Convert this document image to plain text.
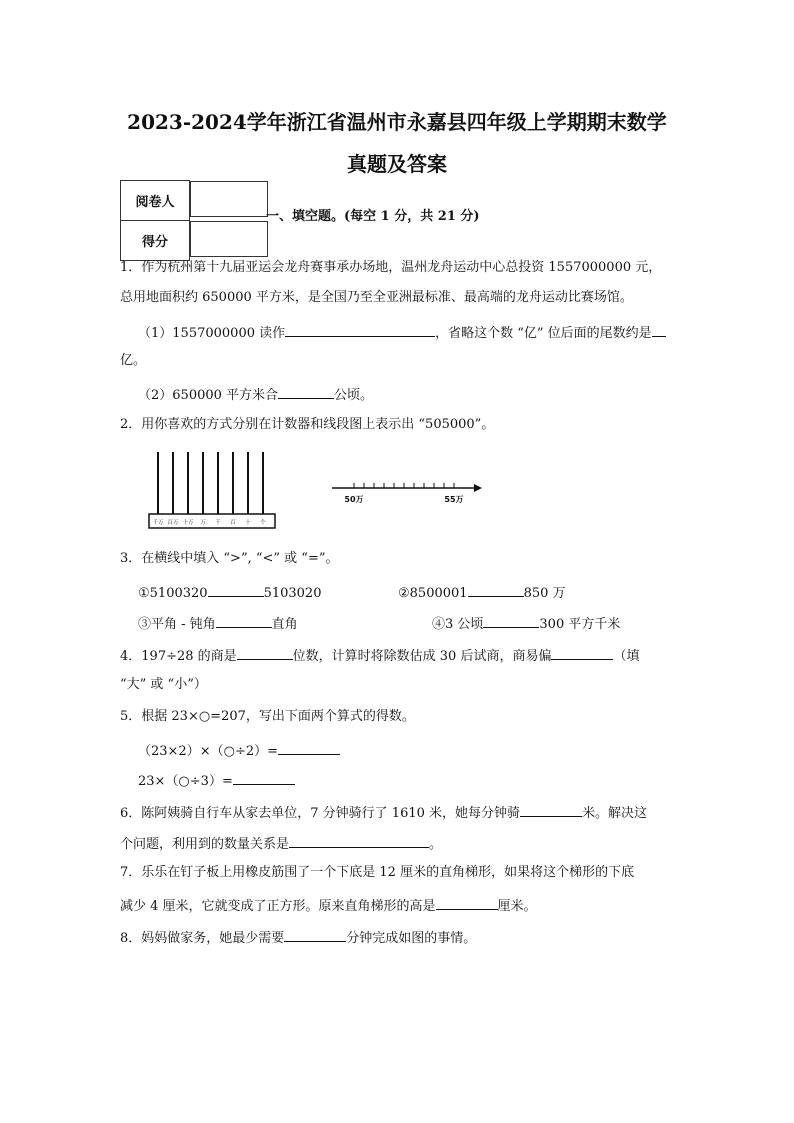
2023-2024学年浙江省温州市永嘉县四年级上学期期末数学
真题及答案
阅卷人	
得分	
一、填空题。(每空 1 分，共 21 分)
1．作为杭州第十九届亚运会龙舟赛事承办场地，温州龙舟运动中心总投资 1557000000 元，
总用地面积约 650000 平方米，是全国乃至全亚洲最标准、最高端的龙舟运动比赛场馆。
（1）1557000000 读作	，省略这个数 “亿” 位后面的尾数约是
亿。
（2）650000 平方米合	公顷。
2．用你喜欢的方式分别在计数器和线段图上表示出 “505000”。
千万 百万 十万 万 千 百 十 个
50万	55万
3．在横线中填入 “>”, “<” 或 “=”。
①5100320	5103020	②8500001	850 万
③平角 - 钝角	直角	④3 公顷	300 平方千米
4．197÷28 的商是	位数，计算时将除数估成 30 后试商，商易偏	（填
“大” 或 “小”）
5．根据 23×○=207，写出下面两个算式的得数。
（23×2）×（○÷2）=
23×（○÷3）=
6．陈阿姨骑自行车从家去单位，7 分钟骑行了 1610 米，她每分钟骑	米。解决这
个问题，利用到的数量关系是	。
7．乐乐在钉子板上用橡皮筋围了一个下底是 12 厘米的直角梯形，如果将这个梯形的下底
减少 4 厘米，它就变成了正方形。原来直角梯形的高是	厘米。
8．妈妈做家务，她最少需要	分钟完成如图的事情。
